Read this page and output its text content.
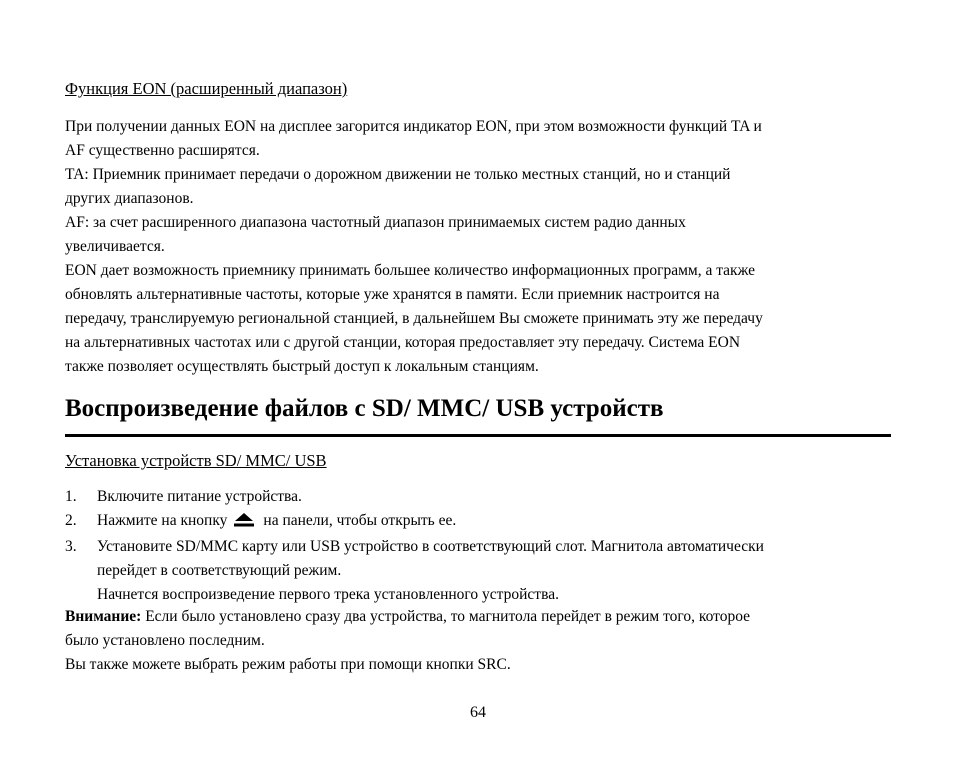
Функция EON (расширенный диапазон)

При получении данных EON на дисплее загорится индикатор EON, при этом возможности функций TA и
AF существенно расширятся.

TA: Приемник принимает передачи о дорожном движении не только местных станций, но и станций
других диапазонов.

AF: за счет расширенного диапазона частотный диапазон принимаемых систем радио данных
увеличивается.

EON дает возможность приемнику принимать большее количество информационных программ, а также
обновлять альтернативные частоты, которые уже хранятся в памяти. Если приемник настроится на
передачу, транслируемую региональной станцией, в дальнейшем Вы сможете принимать эту же передачу
на альтернативных частотах или с другой станции, которая предоставляет эту передачу. Система EON
также позволяет осуществлять быстрый доступ к локальным станциям.

Воспроизведение файлов с SD/ MMC/ USB устройств
Установка устройств SD/ MMC/ USB
1. Включите питание устройства.
2. Нажмите на кнопку на панели, чтобы открыть ее.
3. Установите SD/MMC карту или USB устройство в соответствующий слот. Магнитола автоматически
перейдет в соответствующий режим.
Начнется воспроизведение первого трека установленного устройства.

Внимание: Если было установлено сразу два устройства, то магнитола перейдет в режим того, которое
было установлено последним.

Вы также можете выбрать режим работы при помощи кнопки SRC.

64
